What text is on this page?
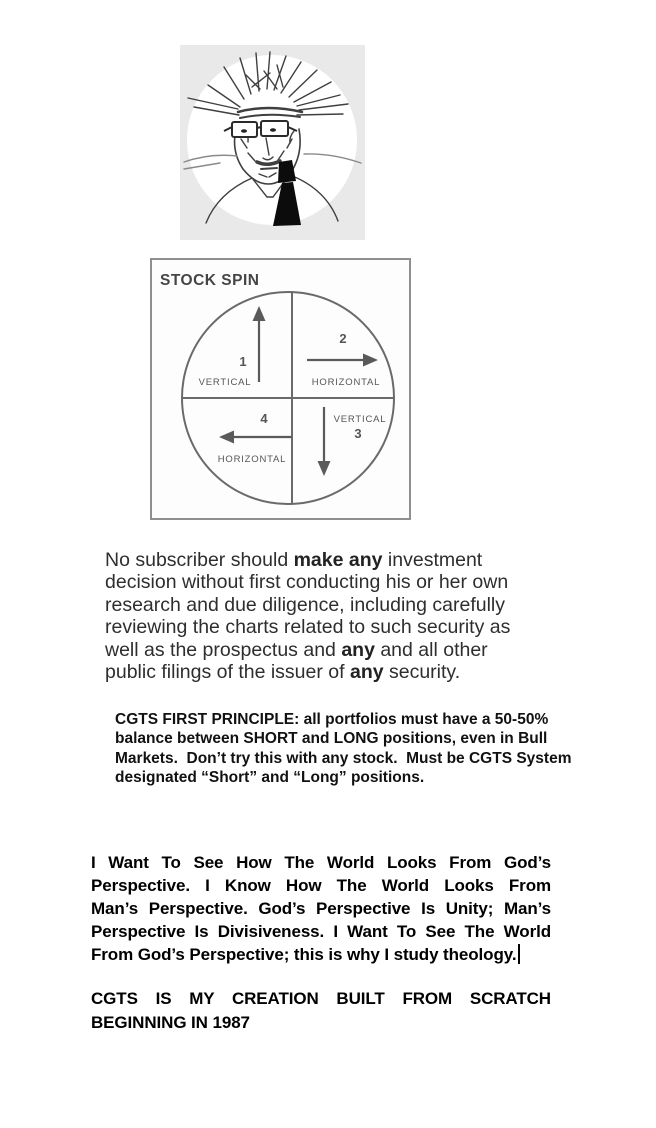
STOCK SPIN
1
VERTICAL
2
HORIZONTAL
VERTICAL
3
4
HORIZONTAL
No subscriber should make any investment
decision without first conducting his or her own
research and due diligence, including carefully
reviewing the charts related to such security as
well as the prospectus and any and all other
public filings of the issuer of any security.
CGTS FIRST PRINCIPLE: all portfolios must have a 50-50%
balance between SHORT and LONG positions, even in Bull
Markets.  Don’t try this with any stock.  Must be CGTS System
designated “Short” and “Long” positions.
I Want To See How The World Looks From God’s
Perspective. I Know How The World Looks From
Man’s Perspective. God’s Perspective Is Unity; Man’s
Perspective Is Divisiveness. I Want To See The World
From God’s Perspective; this is why I study theology.
CGTS IS MY CREATION BUILT FROM SCRATCH
BEGINNING IN 1987
